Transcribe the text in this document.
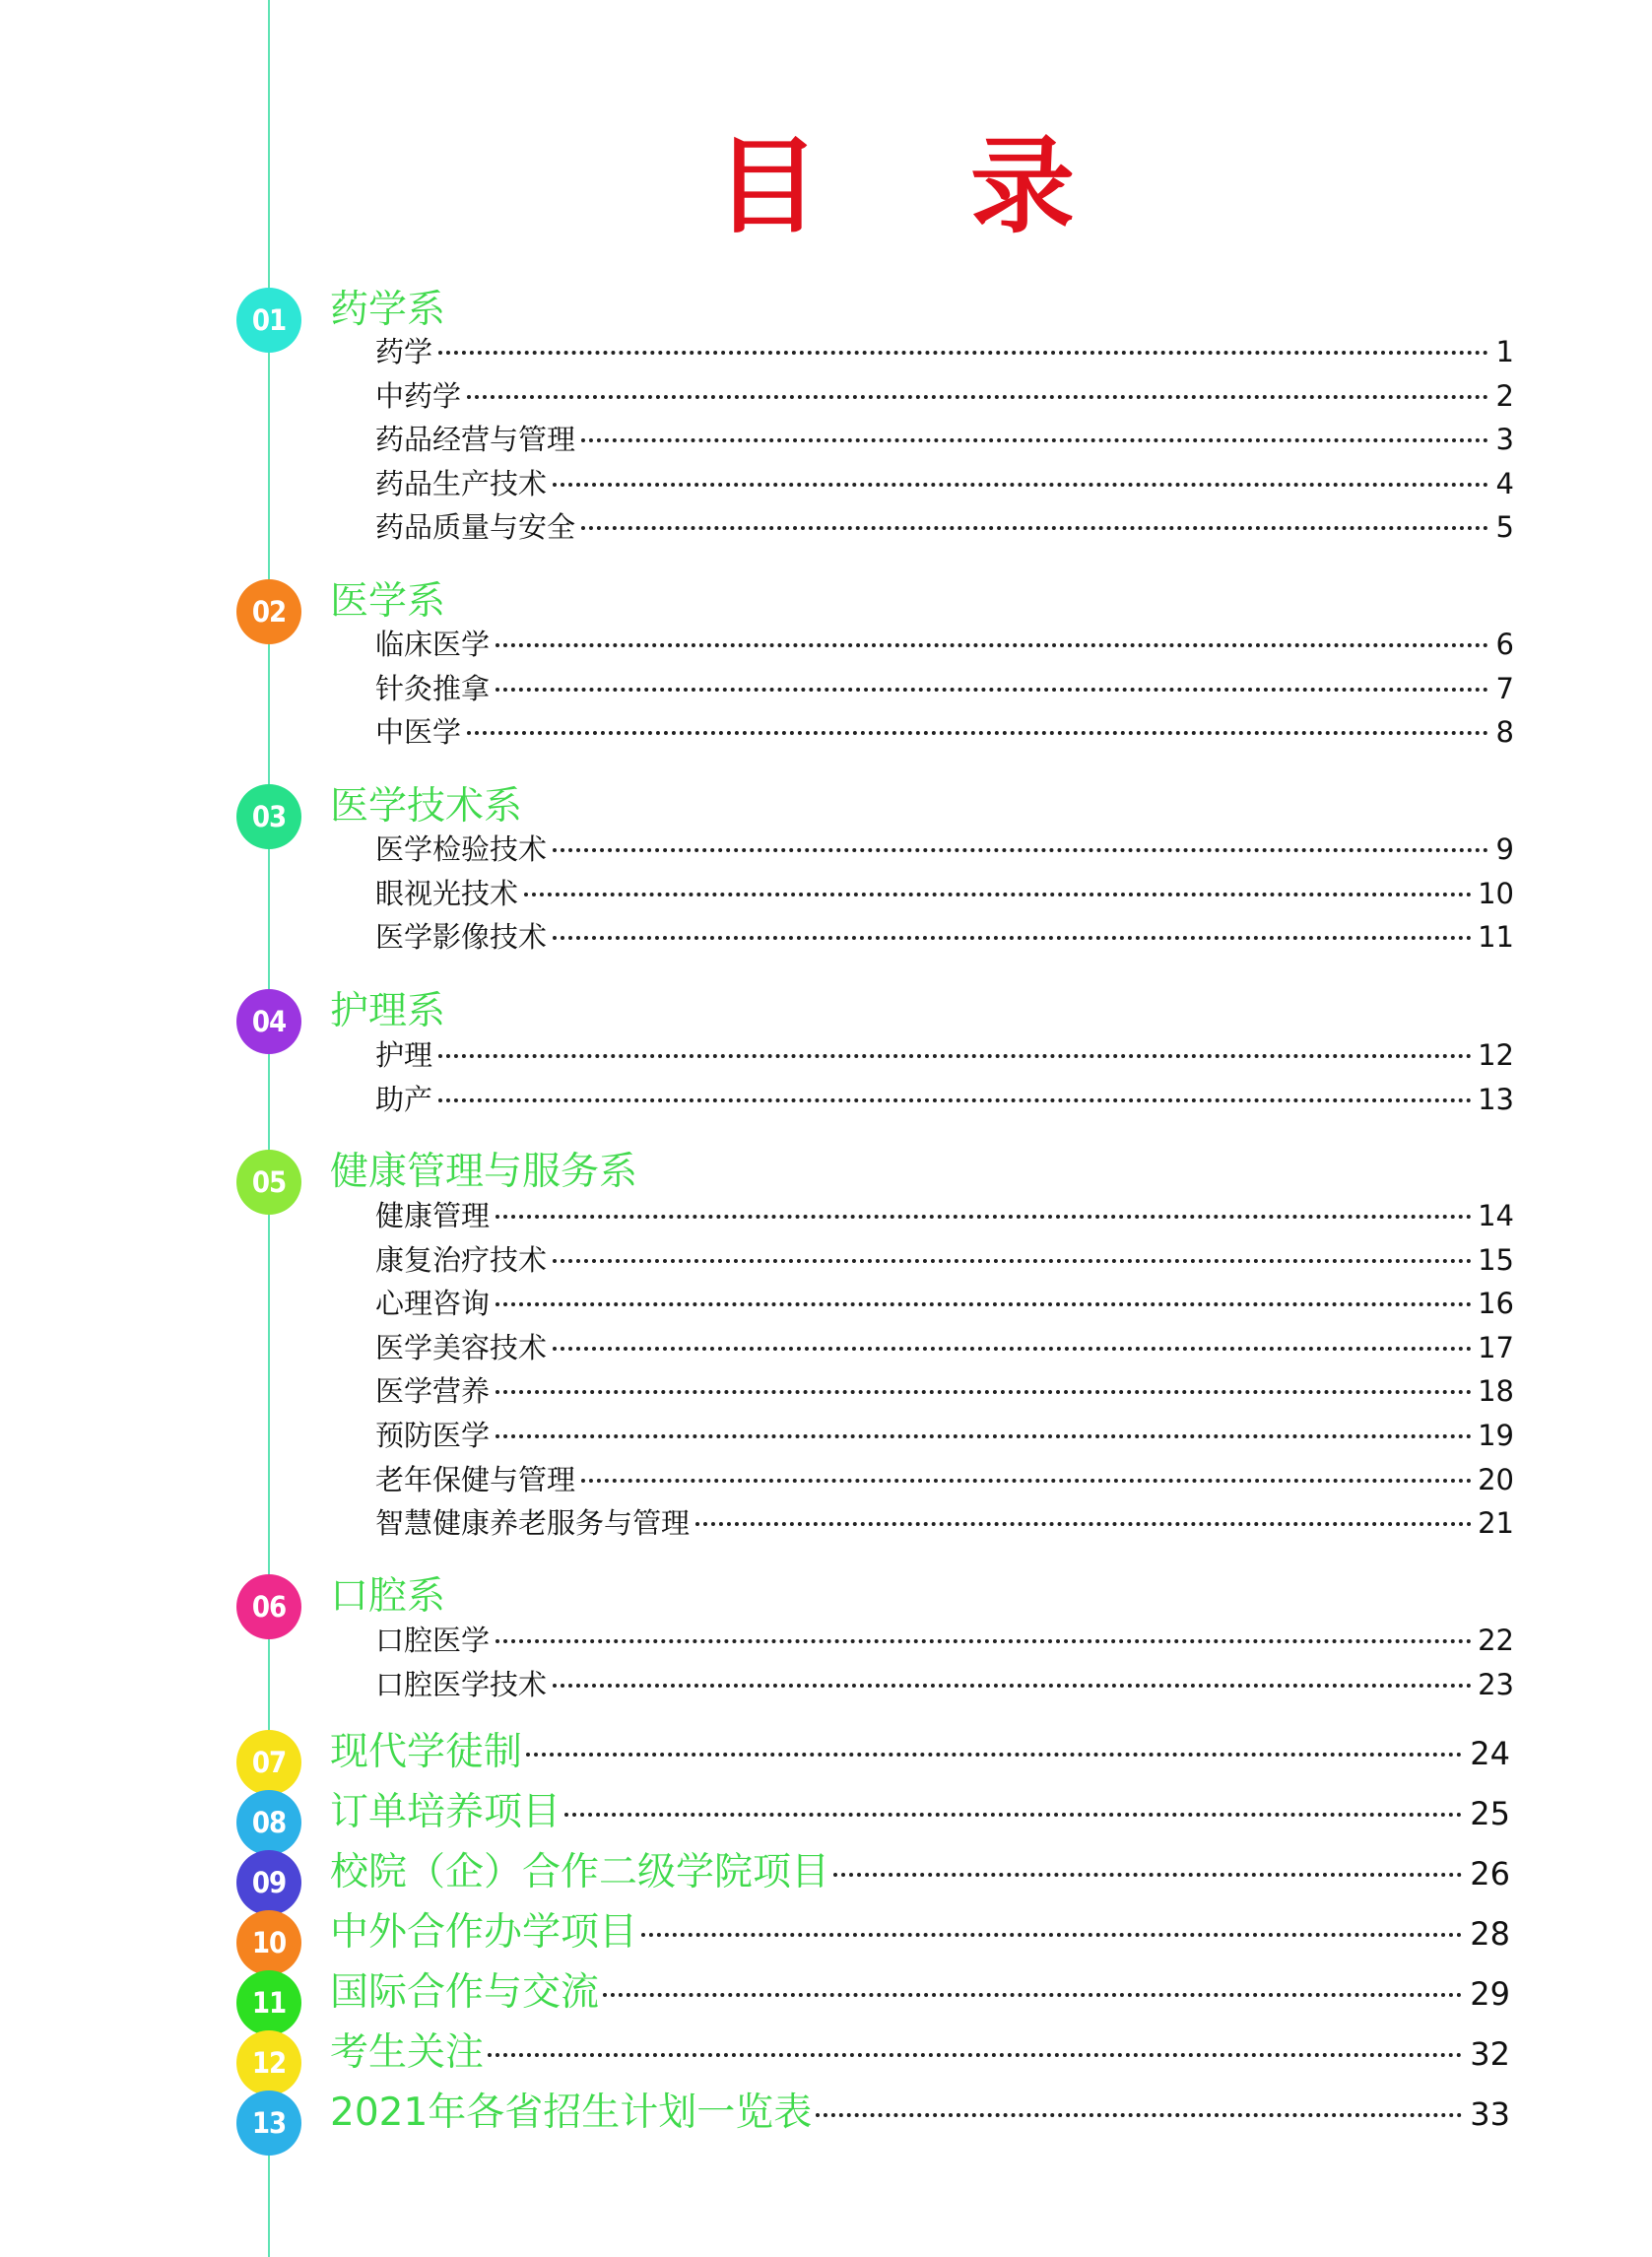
目 录
01	药学系
药学	1
中药学	2
药品经营与管理	3
药品生产技术	4
药品质量与安全	5
02	医学系
临床医学	6
针灸推拿	7
中医学	8
03	医学技术系
医学检验技术	9
眼视光技术	10
医学影像技术	11
04	护理系
护理	12
助产	13
05	健康管理与服务系
健康管理	14
康复治疗技术	15
心理咨询	16
医学美容技术	17
医学营养	18
预防医学	19
老年保健与管理	20
智慧健康养老服务与管理	21
06	口腔系
口腔医学	22
口腔医学技术	23
07	现代学徒制	24
08	订单培养项目	25
09	校院（企）合作二级学院项目	26
10	中外合作办学项目	28
11	国际合作与交流	29
12	考生关注	32
13	2021年各省招生计划一览表	33
